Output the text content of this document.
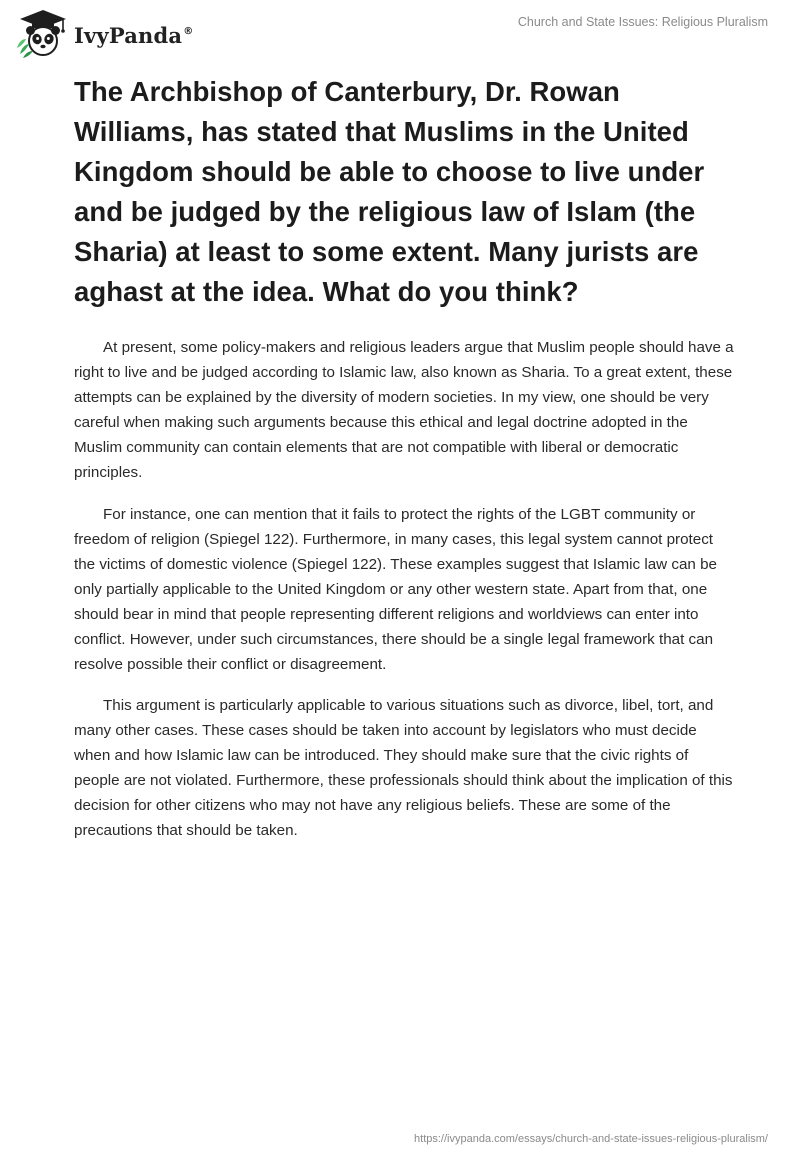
IvyPanda®
Church and State Issues: Religious Pluralism
The Archbishop of Canterbury, Dr. Rowan Williams, has stated that Muslims in the United Kingdom should be able to choose to live under and be judged by the religious law of Islam (the Sharia) at least to some extent. Many jurists are aghast at the idea. What do you think?

At present, some policy-makers and religious leaders argue that Muslim people should have a right to live and be judged according to Islamic law, also known as Sharia. To a great extent, these attempts can be explained by the diversity of modern societies. In my view, one should be very careful when making such arguments because this ethical and legal doctrine adopted in the Muslim community can contain elements that are not compatible with liberal or democratic principles.

For instance, one can mention that it fails to protect the rights of the LGBT community or freedom of religion (Spiegel 122). Furthermore, in many cases, this legal system cannot protect the victims of domestic violence (Spiegel 122). These examples suggest that Islamic law can be only partially applicable to the United Kingdom or any other western state. Apart from that, one should bear in mind that people representing different religions and worldviews can enter into conflict. However, under such circumstances, there should be a single legal framework that can resolve possible their conflict or disagreement.

This argument is particularly applicable to various situations such as divorce, libel, tort, and many other cases. These cases should be taken into account by legislators who must decide when and how Islamic law can be introduced. They should make sure that the civic rights of people are not violated. Furthermore, these professionals should think about the implication of this decision for other citizens who may not have any religious beliefs. These are some of the precautions that should be taken.

https://ivypanda.com/essays/church-and-state-issues-religious-pluralism/
